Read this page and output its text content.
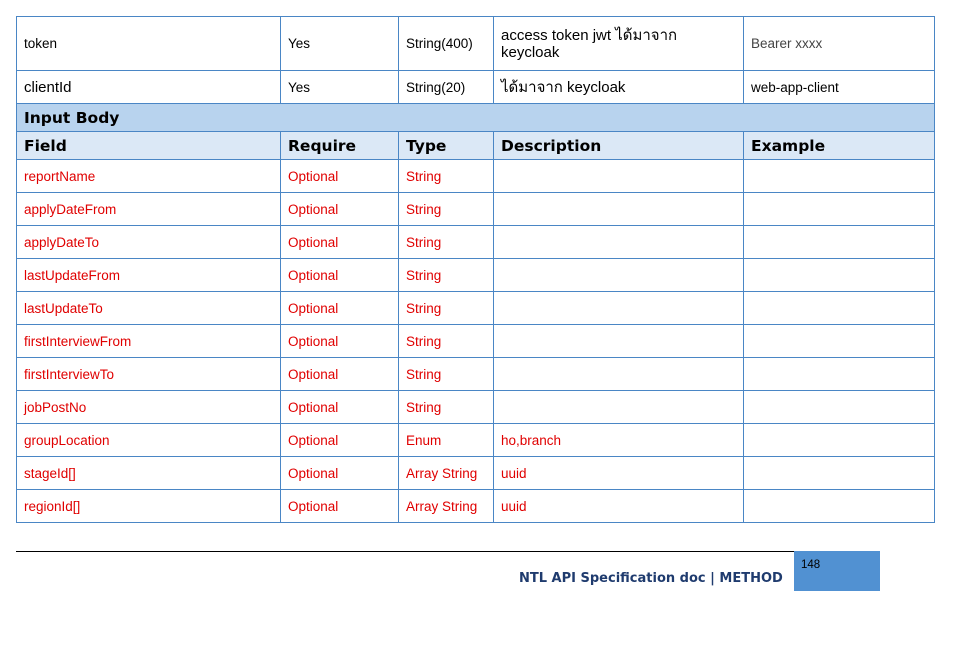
token	Yes	String(400)	access token jwt ได้มาจาก keycloak	Bearer xxxx
clientId	Yes	String(20)	ได้มาจาก keycloak	web-app-client
Input Body				
Field	Require	Type	Description	Example
reportName	Optional	String		
applyDateFrom	Optional	String		
applyDateTo	Optional	String		
lastUpdateFrom	Optional	String		
lastUpdateTo	Optional	String		
firstInterviewFrom	Optional	String		
firstInterviewTo	Optional	String		
jobPostNo	Optional	String		
groupLocation	Optional	Enum	ho,branch	
stageId[]	Optional	Array String	uuid	
regionId[]	Optional	Array String	uuid	
NTL API Specification doc | METHOD
148
